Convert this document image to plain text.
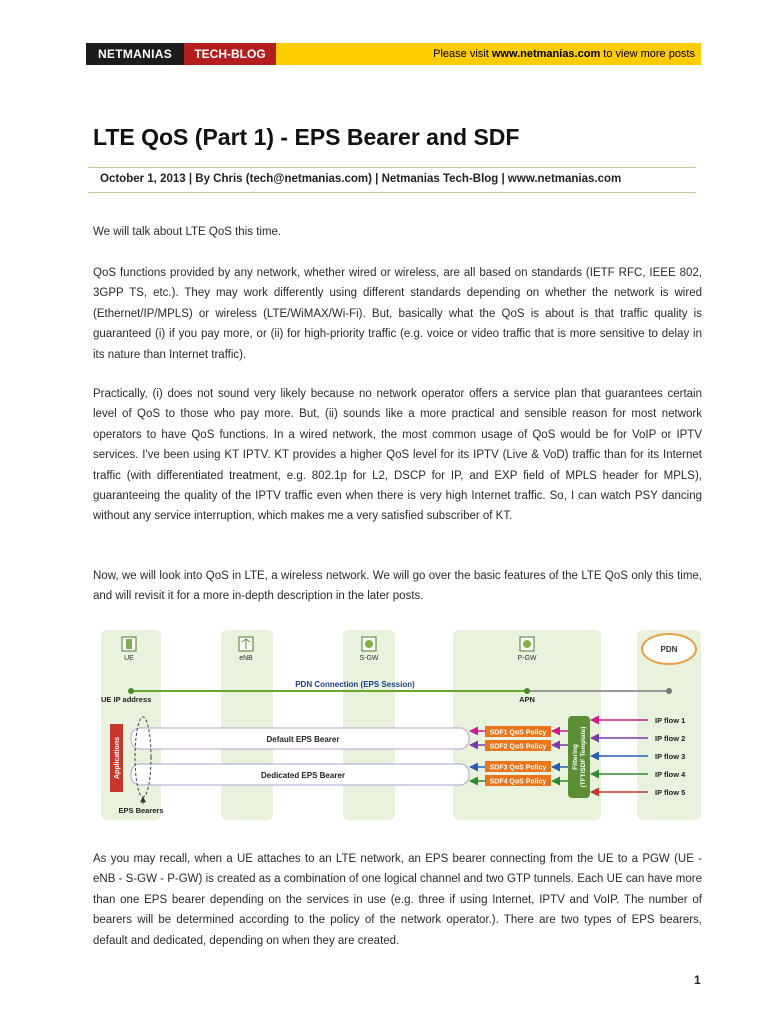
NETMANIAS	TECH-BLOG	Please visit www.netmanias.com to view more posts
LTE QoS (Part 1) - EPS Bearer and SDF
October 1, 2013 | By Chris (tech@netmanias.com) | Netmanias Tech-Blog | www.netmanias.com

We will talk about LTE QoS this time.

QoS functions provided by any network, whether wired or wireless, are all based on standards (IETF RFC, IEEE 802, 3GPP TS, etc.). They may work differently using different standards depending on whether the network is wired (Ethernet/IP/MPLS) or wireless (LTE/WiMAX/Wi-Fi). But, basically what the QoS is about is that traffic quality is guaranteed (i) if you pay more, or (ii) for high-priority traffic (e.g. voice or video traffic that is more sensitive to delay in its nature than Internet traffic).

Practically, (i) does not sound very likely because no network operator offers a service plan that guarantees certain level of QoS to those who pay more. But, (ii) sounds like a more practical and sensible reason for most network operators to have QoS functions. In a wired network, the most common usage of QoS would be for VoIP or IPTV services. I've been using KT IPTV. KT provides a higher QoS level for its IPTV (Live & VoD) traffic than for its Internet traffic (with differentiated treatment, e.g. 802.1p for L2, DSCP for IP, and EXP field of MPLS header for MPLS), guaranteeing the quality of the IPTV traffic even when there is very high Internet traffic. So, I can watch PSY dancing without any service interruption, which makes me a very satisfied subscriber of KT.

Now, we will look into QoS in LTE, a wireless network. We will go over the basic features of the LTE QoS only this time, and will revisit it for a more in-depth description in the later posts.

UE	eNB	S-GW	P-GW
PDN
PDN Connection (EPS Session)
UE IP address	APN
Applications	Default EPS Bearer
Dedicated EPS Bearer
EPS Bearers
SDF1 QoS Policy
SDF2 QoS Policy
SDF3 QoS Policy
SDF4 QoS Policy
Filtering (TFT/SDF Template)
IP flow 1
IP flow 2
IP flow 3
IP flow 4
IP flow 5

As you may recall, when a UE attaches to an LTE network, an EPS bearer connecting from the UE to a PGW (UE - eNB - S-GW - P-GW) is created as a combination of one logical channel and two GTP tunnels. Each UE can have more than one EPS bearer depending on the services in use (e.g. three if using Internet, IPTV and VoIP. The number of bearers will be determined according to the policy of the network operator.). There are two types of EPS bearers, default and dedicated, depending on when they are created.

1
